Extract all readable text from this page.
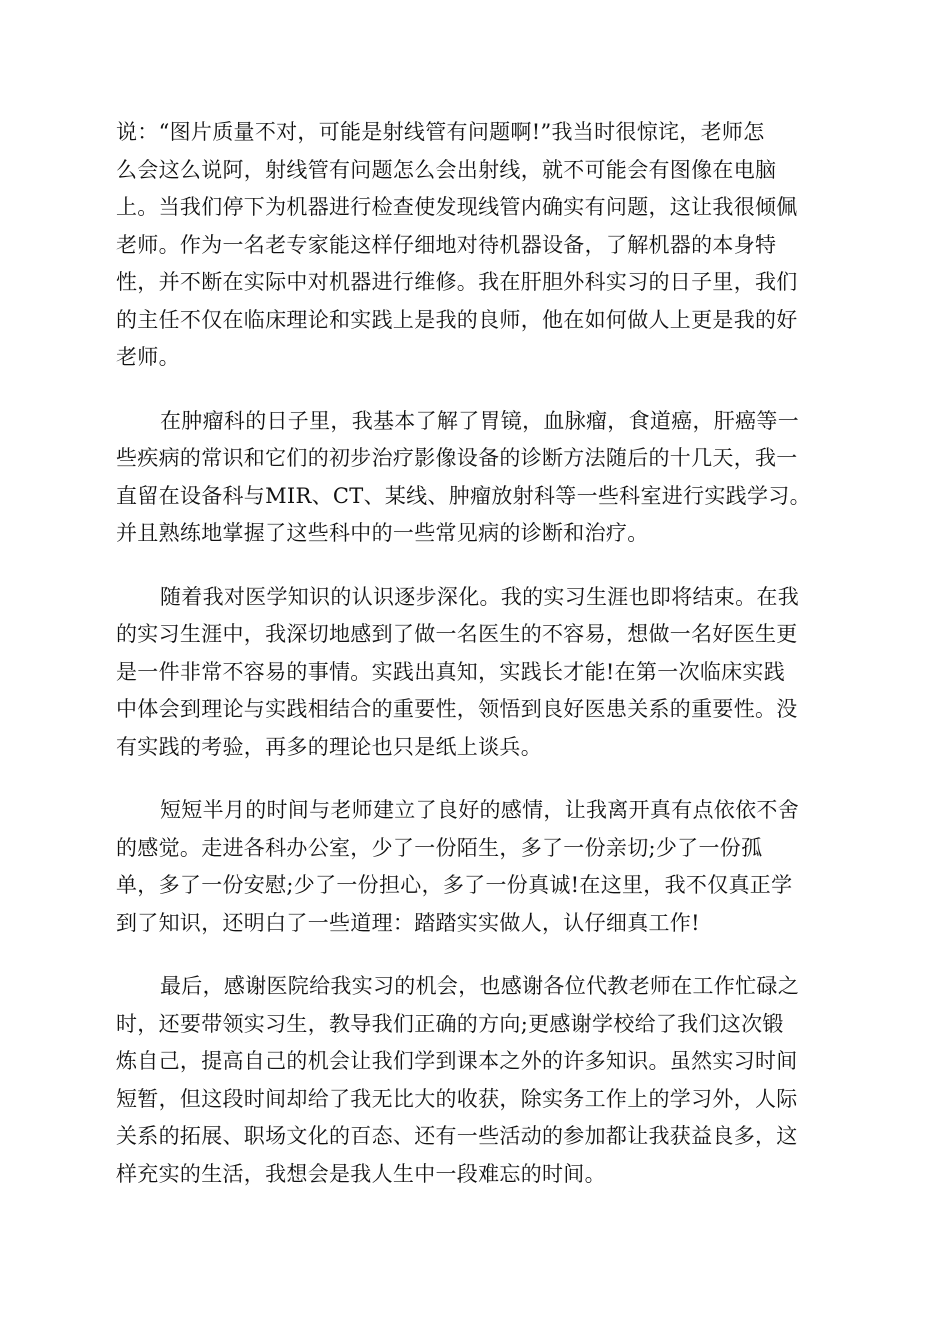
说：“图片质量不对，可能是射线管有问题啊!”我当时很惊诧，老师怎
么会这么说阿，射线管有问题怎么会出射线，就不可能会有图像在电脑
上。当我们停下为机器进行检查使发现线管内确实有问题，这让我很倾佩
老师。作为一名老专家能这样仔细地对待机器设备，了解机器的本身特
性，并不断在实际中对机器进行维修。我在肝胆外科实习的日子里，我们
的主任不仅在临床理论和实践上是我的良师，他在如何做人上更是我的好
老师。

在肿瘤科的日子里，我基本了解了胃镜，血脉瘤，食道癌，肝癌等一
些疾病的常识和它们的初步治疗影像设备的诊断方法随后的十几天，我一
直留在设备科与MIR、CT、某线、肿瘤放射科等一些科室进行实践学习。
并且熟练地掌握了这些科中的一些常见病的诊断和治疗。

随着我对医学知识的认识逐步深化。我的实习生涯也即将结束。在我
的实习生涯中，我深切地感到了做一名医生的不容易，想做一名好医生更
是一件非常不容易的事情。实践出真知，实践长才能!在第一次临床实践
中体会到理论与实践相结合的重要性，领悟到良好医患关系的重要性。没
有实践的考验，再多的理论也只是纸上谈兵。

短短半月的时间与老师建立了良好的感情，让我离开真有点依依不舍
的感觉。走进各科办公室，少了一份陌生，多了一份亲切;少了一份孤
单，多了一份安慰;少了一份担心，多了一份真诚!在这里，我不仅真正学
到了知识，还明白了一些道理：踏踏实实做人，认仔细真工作!

最后，感谢医院给我实习的机会，也感谢各位代教老师在工作忙碌之
时，还要带领实习生，教导我们正确的方向;更感谢学校给了我们这次锻
炼自己，提高自己的机会让我们学到课本之外的许多知识。虽然实习时间
短暂，但这段时间却给了我无比大的收获，除实务工作上的学习外，人际
关系的拓展、职场文化的百态、还有一些活动的参加都让我获益良多，这
样充实的生活，我想会是我人生中一段难忘的时间。
